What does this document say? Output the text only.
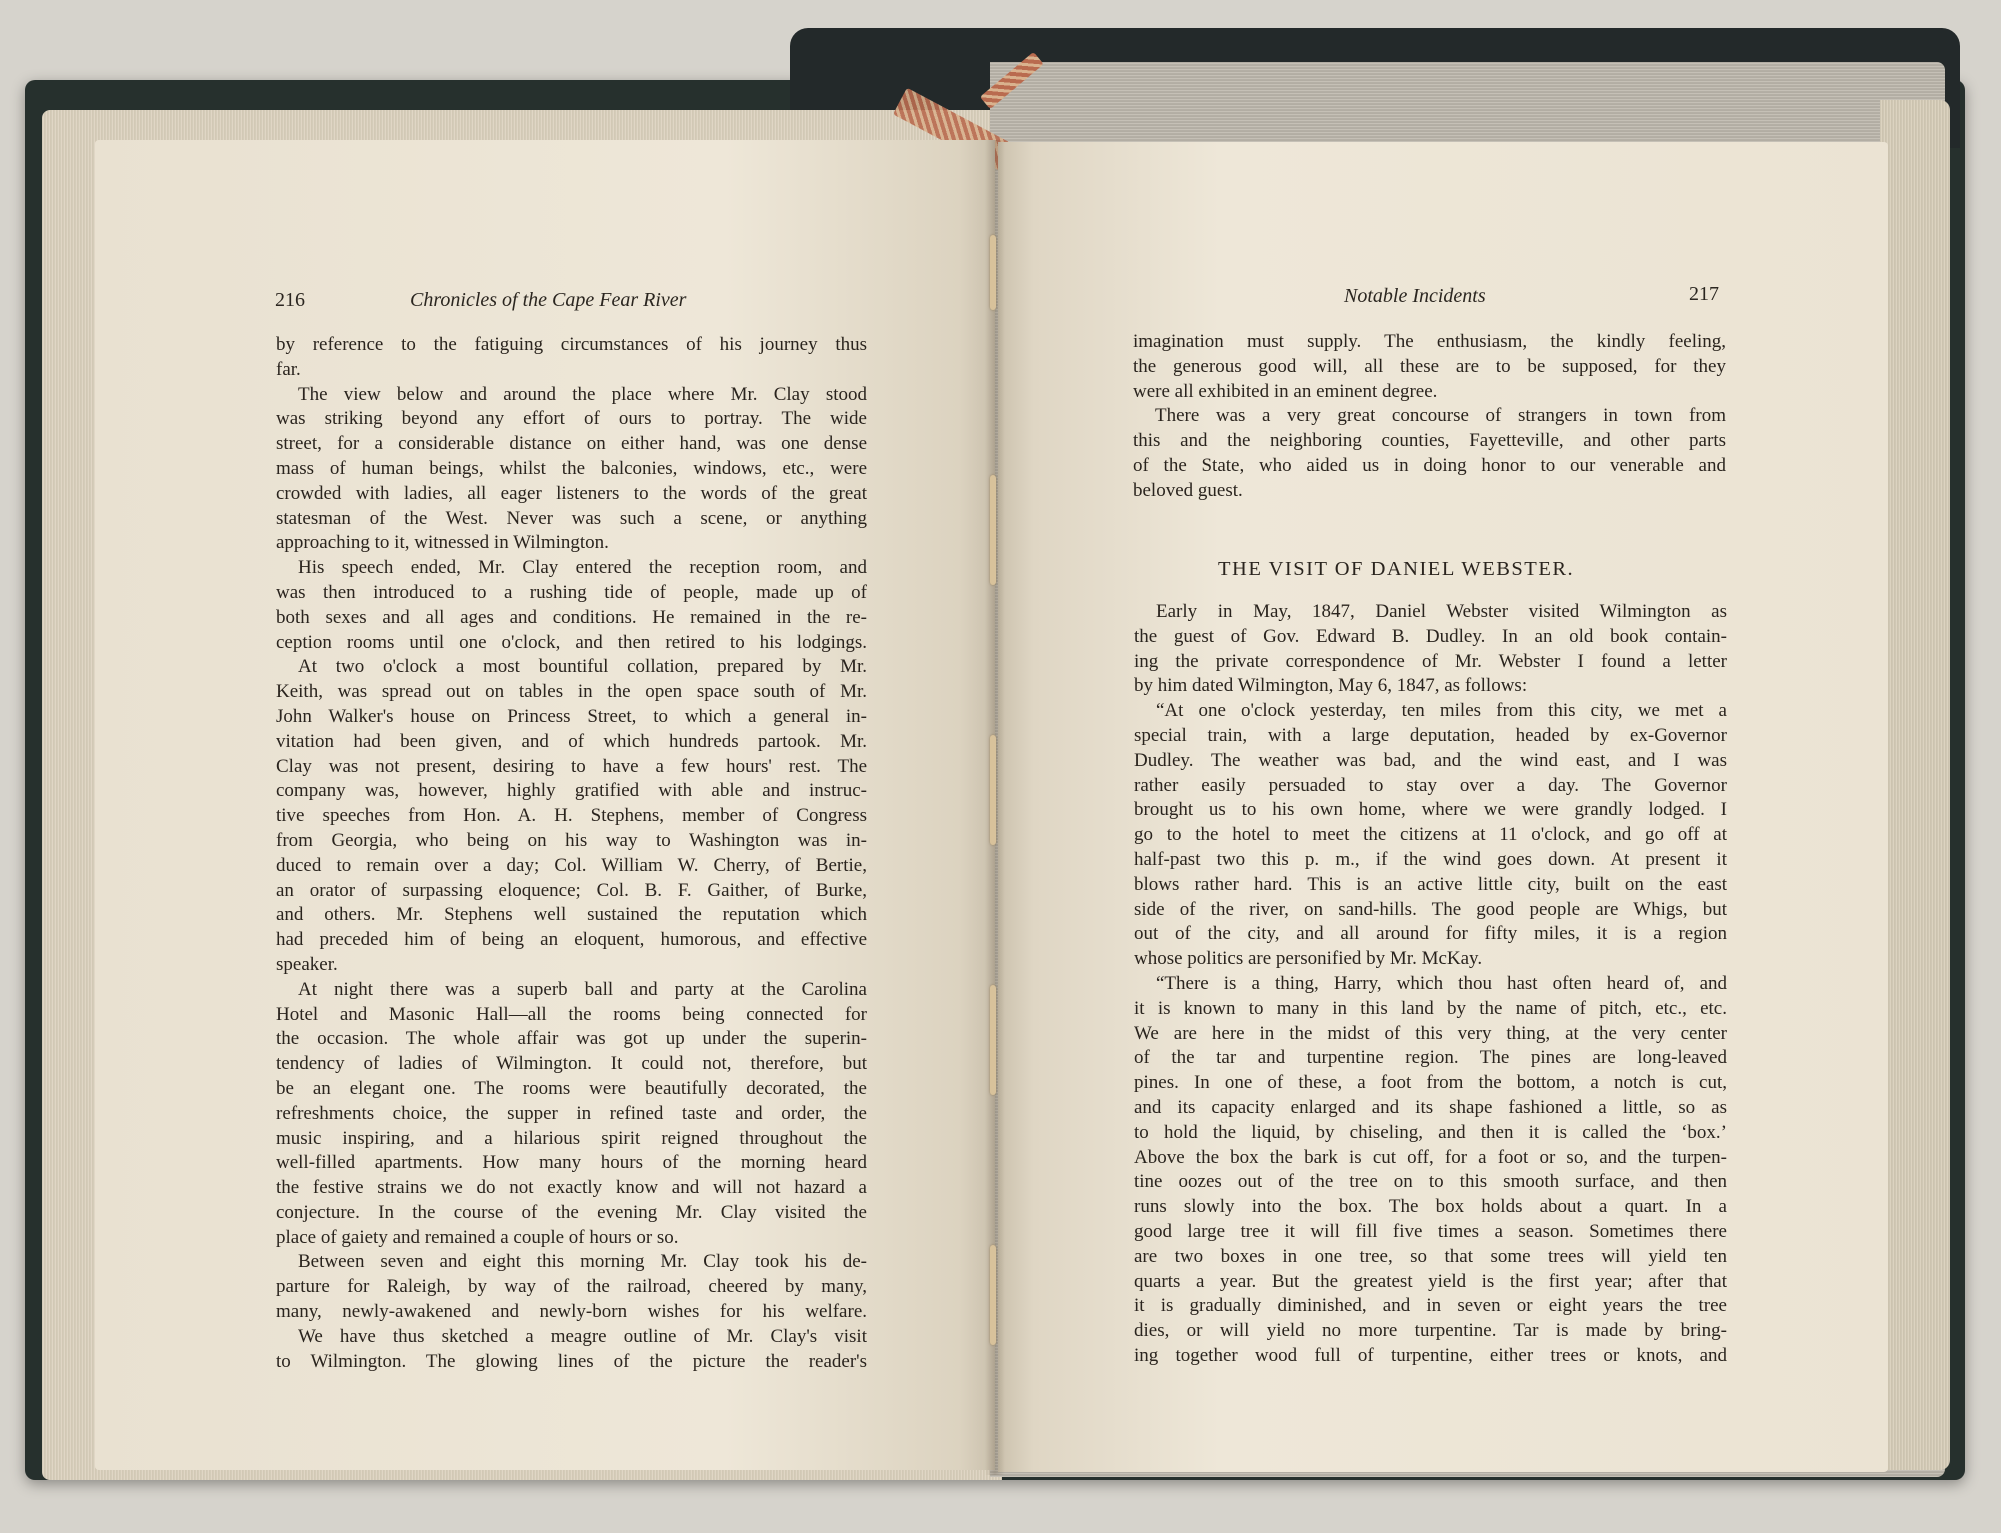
216	Chronicles of the Cape Fear River	Notable Incidents	217
by reference to the fatiguing circumstances of his journey thus
far.
The view below and around the place where Mr. Clay stood
was striking beyond any effort of ours to portray. The wide
street, for a considerable distance on either hand, was one dense
mass of human beings, whilst the balconies, windows, etc., were
crowded with ladies, all eager listeners to the words of the great
statesman of the West. Never was such a scene, or anything
approaching to it, witnessed in Wilmington.
His speech ended, Mr. Clay entered the reception room, and
was then introduced to a rushing tide of people, made up of
both sexes and all ages and conditions. He remained in the re-
ception rooms until one o'clock, and then retired to his lodgings.
At two o'clock a most bountiful collation, prepared by Mr.
Keith, was spread out on tables in the open space south of Mr.
John Walker's house on Princess Street, to which a general in-
vitation had been given, and of which hundreds partook. Mr.
Clay was not present, desiring to have a few hours' rest. The
company was, however, highly gratified with able and instruc-
tive speeches from Hon. A. H. Stephens, member of Congress
from Georgia, who being on his way to Washington was in-
duced to remain over a day; Col. William W. Cherry, of Bertie,
an orator of surpassing eloquence; Col. B. F. Gaither, of Burke,
and others. Mr. Stephens well sustained the reputation which
had preceded him of being an eloquent, humorous, and effective
speaker.
At night there was a superb ball and party at the Carolina
Hotel and Masonic Hall—all the rooms being connected for
the occasion. The whole affair was got up under the superin-
tendency of ladies of Wilmington. It could not, therefore, but
be an elegant one. The rooms were beautifully decorated, the
refreshments choice, the supper in refined taste and order, the
music inspiring, and a hilarious spirit reigned throughout the
well-filled apartments. How many hours of the morning heard
the festive strains we do not exactly know and will not hazard a
conjecture. In the course of the evening Mr. Clay visited the
place of gaiety and remained a couple of hours or so.
Between seven and eight this morning Mr. Clay took his de-
parture for Raleigh, by way of the railroad, cheered by many,
many, newly-awakened and newly-born wishes for his welfare.
We have thus sketched a meagre outline of Mr. Clay's visit
to Wilmington. The glowing lines of the picture the reader's
imagination must supply. The enthusiasm, the kindly feeling,
the generous good will, all these are to be supposed, for they
were all exhibited in an eminent degree.
There was a very great concourse of strangers in town from
this and the neighboring counties, Fayetteville, and other parts
of the State, who aided us in doing honor to our venerable and
beloved guest.
THE VISIT OF DANIEL WEBSTER.
Early in May, 1847, Daniel Webster visited Wilmington as
the guest of Gov. Edward B. Dudley. In an old book contain-
ing the private correspondence of Mr. Webster I found a letter
by him dated Wilmington, May 6, 1847, as follows:
“At one o'clock yesterday, ten miles from this city, we met a
special train, with a large deputation, headed by ex-Governor
Dudley. The weather was bad, and the wind east, and I was
rather easily persuaded to stay over a day. The Governor
brought us to his own home, where we were grandly lodged. I
go to the hotel to meet the citizens at 11 o'clock, and go off at
half-past two this p. m., if the wind goes down. At present it
blows rather hard. This is an active little city, built on the east
side of the river, on sand-hills. The good people are Whigs, but
out of the city, and all around for fifty miles, it is a region
whose politics are personified by Mr. McKay.
“There is a thing, Harry, which thou hast often heard of, and
it is known to many in this land by the name of pitch, etc., etc.
We are here in the midst of this very thing, at the very center
of the tar and turpentine region. The pines are long-leaved
pines. In one of these, a foot from the bottom, a notch is cut,
and its capacity enlarged and its shape fashioned a little, so as
to hold the liquid, by chiseling, and then it is called the ‘box.’
Above the box the bark is cut off, for a foot or so, and the turpen-
tine oozes out of the tree on to this smooth surface, and then
runs slowly into the box. The box holds about a quart. In a
good large tree it will fill five times a season. Sometimes there
are two boxes in one tree, so that some trees will yield ten
quarts a year. But the greatest yield is the first year; after that
it is gradually diminished, and in seven or eight years the tree
dies, or will yield no more turpentine. Tar is made by bring-
ing together wood full of turpentine, either trees or knots, and
